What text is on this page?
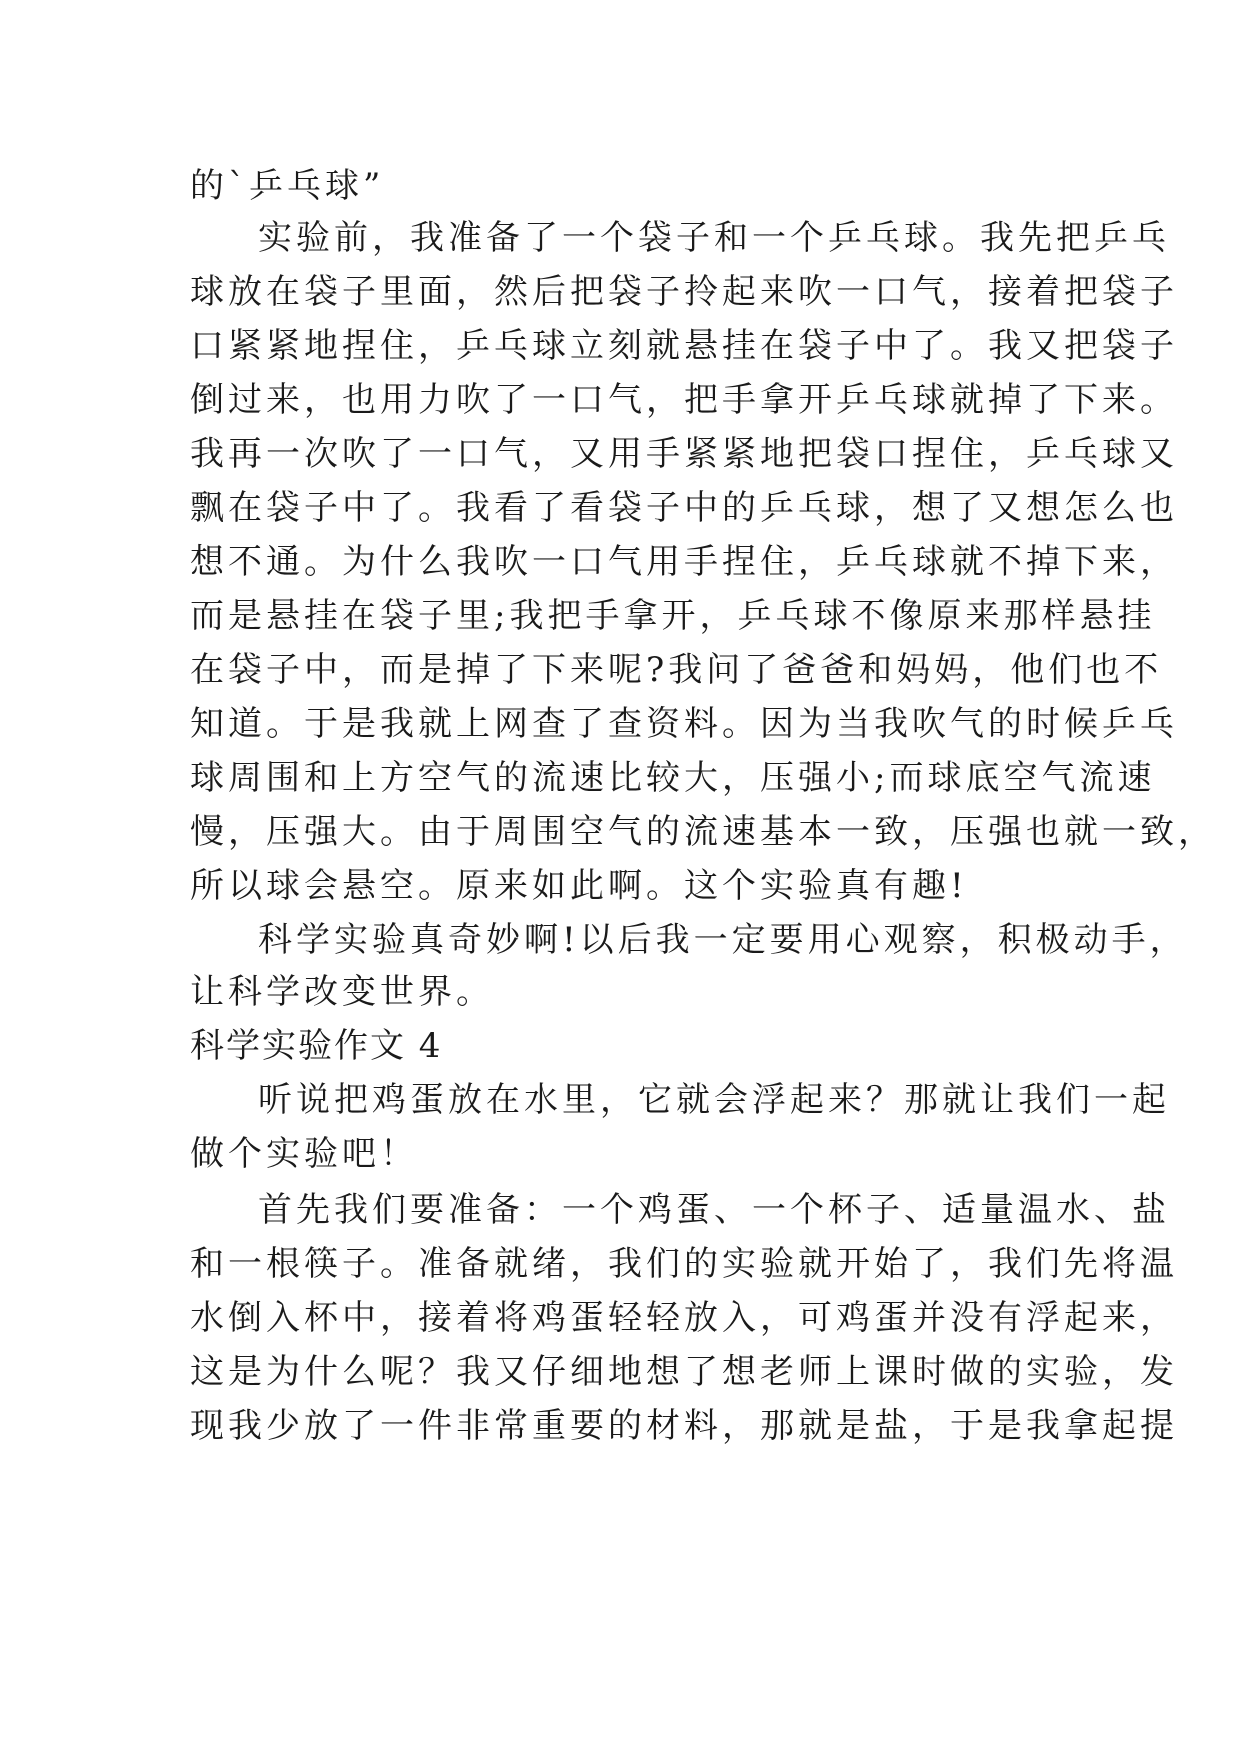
的`乒乓球”
实验前，我准备了一个袋子和一个乒乓球。我先把乒乓
球放在袋子里面，然后把袋子拎起来吹一口气，接着把袋子
口紧紧地捏住，乒乓球立刻就悬挂在袋子中了。我又把袋子
倒过来，也用力吹了一口气，把手拿开乒乓球就掉了下来。
我再一次吹了一口气，又用手紧紧地把袋口捏住，乒乓球又
飘在袋子中了。我看了看袋子中的乒乓球，想了又想怎么也
想不通。为什么我吹一口气用手捏住，乒乓球就不掉下来，
而是悬挂在袋子里;我把手拿开，乒乓球不像原来那样悬挂
在袋子中，而是掉了下来呢?我问了爸爸和妈妈，他们也不
知道。于是我就上网查了查资料。因为当我吹气的时候乒乓
球周围和上方空气的流速比较大，压强小;而球底空气流速
慢，压强大。由于周围空气的流速基本一致，压强也就一致，
所以球会悬空。原来如此啊。这个实验真有趣!
科学实验真奇妙啊!以后我一定要用心观察，积极动手，
让科学改变世界。
科学实验作文 4
听说把鸡蛋放在水里，它就会浮起来？那就让我们一起
做个实验吧！
首先我们要准备：一个鸡蛋、一个杯子、适量温水、盐
和一根筷子。准备就绪，我们的实验就开始了，我们先将温
水倒入杯中，接着将鸡蛋轻轻放入，可鸡蛋并没有浮起来，
这是为什么呢？我又仔细地想了想老师上课时做的实验，发
现我少放了一件非常重要的材料，那就是盐，于是我拿起提
